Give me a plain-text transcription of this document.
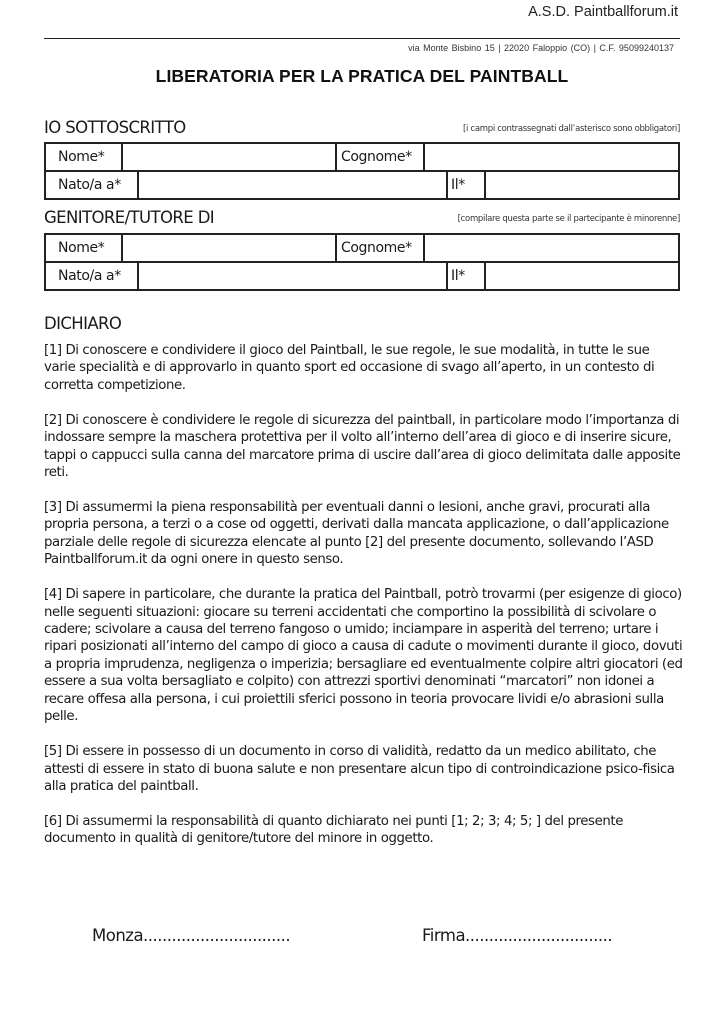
A.S.D. Paintballforum.it
via Monte Bisbino 15 | 22020 Faloppio (CO) | C.F. 95099240137
LIBERATORIA PER LA PRATICA DEL PAINTBALL
IO SOTTOSCRITTO	[i campi contrassegnati dall’asterisco sono obbligatori]
Nome*	Cognome*
Nato/a a*	Il*
GENITORE/TUTORE DI	[compilare questa parte se il partecipante è minorenne]
Nome*	Cognome*
Nato/a a*	Il*
DICHIARO

[1] Di conoscere e condividere il gioco del Paintball, le sue regole, le sue modalità, in tutte le sue varie specialità e di approvarlo in quanto sport ed occasione di svago all’aperto, in un contesto di corretta competizione.

[2] Di conoscere è condividere le regole di sicurezza del paintball, in particolare modo l’importanza di indossare sempre la maschera protettiva per il volto all’interno dell’area di gioco e di inserire sicure, tappi o cappucci sulla canna del marcatore prima di uscire dall’area di gioco delimitata dalle apposite reti.

[3] Di assumermi la piena responsabilità per eventuali danni o lesioni, anche gravi, procurati alla propria persona, a terzi o a cose od oggetti, derivati dalla mancata applicazione, o dall’applicazione parziale delle regole di sicurezza elencate al punto [2] del presente documento, sollevando l’ASD Paintballforum.it da ogni onere in questo senso.

[4] Di sapere in particolare, che durante la pratica del Paintball, potrò trovarmi (per esigenze di gioco) nelle seguenti situazioni: giocare su terreni accidentati che comportino la possibilità di scivolare o cadere; scivolare a causa del terreno fangoso o umido; inciampare in asperità del terreno; urtare i ripari posizionati all’interno del campo di gioco a causa di cadute o movimenti durante il gioco, dovuti a propria imprudenza, negligenza o imperizia; bersagliare ed eventualmente colpire altri giocatori (ed essere a sua volta bersagliato e colpito) con attrezzi sportivi denominati “marcatori” non idonei a recare offesa alla persona, i cui proiettili sferici possono in teoria provocare lividi e/o abrasioni sulla pelle.

[5] Di essere in possesso di un documento in corso di validità, redatto da un medico abilitato, che attesti di essere in stato di buona salute e non presentare alcun tipo di controindicazione psico-fisica alla pratica del paintball.

[6] Di assumermi la responsabilità di quanto dichiarato nei punti [1; 2; 3; 4; 5; ] del presente documento in qualità di genitore/tutore del minore in oggetto.

Monza...............................	Firma...............................
